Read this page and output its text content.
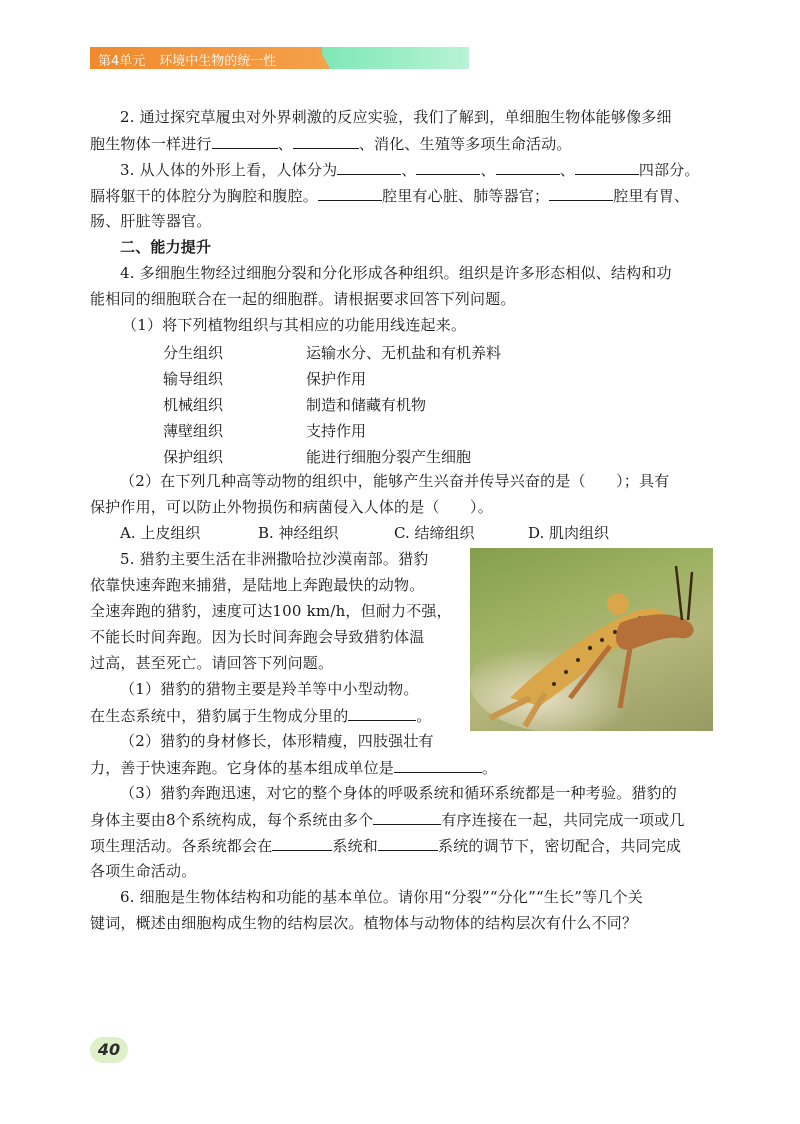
第4单元 环境中生物的统一性
2. 通过探究草履虫对外界刺激的反应实验，我们了解到，单细胞生物体能够像多细
胞生物体一样进行	、	、消化、生殖等多项生命活动。
3. 从人体的外形上看，人体分为	、	、	、	四部分。
膈将躯干的体腔分为胸腔和腹腔。	腔里有心脏、肺等器官；	腔里有胃、
肠、肝脏等器官。
二、能力提升
4. 多细胞生物经过细胞分裂和分化形成各种组织。组织是许多形态相似、结构和功
能相同的细胞联合在一起的细胞群。请根据要求回答下列问题。
（1）将下列植物组织与其相应的功能用线连起来。
分生组织	运输水分、无机盐和有机养料
输导组织	保护作用
机械组织	制造和储藏有机物
薄壁组织	支持作用
保护组织	能进行细胞分裂产生细胞
（2）在下列几种高等动物的组织中，能够产生兴奋并传导兴奋的是（　　）；具有
保护作用，可以防止外物损伤和病菌侵入人体的是（　　）。
A. 上皮组织	B. 神经组织	C. 结缔组织	D. 肌肉组织
5. 猎豹主要生活在非洲撒哈拉沙漠南部。猎豹
依靠快速奔跑来捕猎，是陆地上奔跑最快的动物。
全速奔跑的猎豹，速度可达100 km/h，但耐力不强，
不能长时间奔跑。因为长时间奔跑会导致猎豹体温
过高，甚至死亡。请回答下列问题。
（1）猎豹的猎物主要是羚羊等中小型动物。
在生态系统中，猎豹属于生物成分里的	。
（2）猎豹的身材修长，体形精瘦，四肢强壮有
力，善于快速奔跑。它身体的基本组成单位是	。
（3）猎豹奔跑迅速，对它的整个身体的呼吸系统和循环系统都是一种考验。猎豹的
身体主要由8个系统构成，每个系统由多个	有序连接在一起，共同完成一项或几
项生理活动。各系统都会在	系统和	系统的调节下，密切配合，共同完成
各项生命活动。
6. 细胞是生物体结构和功能的基本单位。请你用“分裂”“分化”“生长”等几个关
键词，概述由细胞构成生物的结构层次。植物体与动物体的结构层次有什么不同？
40
